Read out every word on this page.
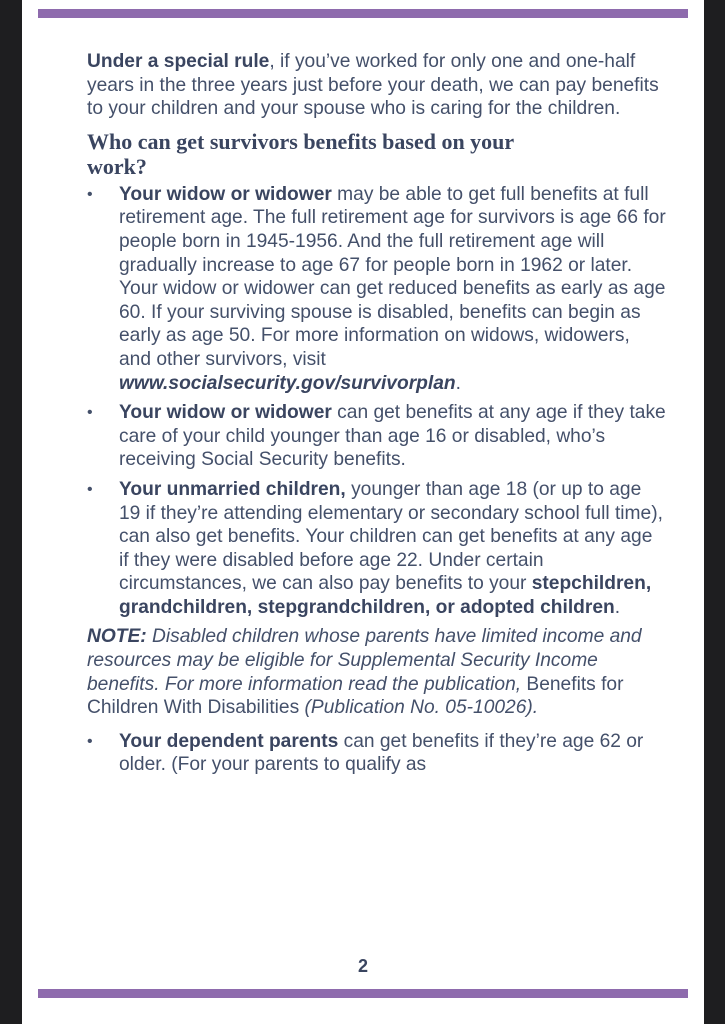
Under a special rule, if you’ve worked for only one and one-half years in the three years just before your death, we can pay benefits to your children and your spouse who is caring for the children.

Who can get survivors benefits based on your work?
• Your widow or widower may be able to get full benefits at full retirement age. The full retirement age for survivors is age 66 for people born in 1945-1956. And the full retirement age will gradually increase to age 67 for people born in 1962 or later. Your widow or widower can get reduced benefits as early as age 60. If your surviving spouse is disabled, benefits can begin as early as age 50. For more information on widows, widowers, and other survivors, visit www.socialsecurity.gov/survivorplan.
• Your widow or widower can get benefits at any age if they take care of your child younger than age 16 or disabled, who’s receiving Social Security benefits.
• Your unmarried children, younger than age 18 (or up to age 19 if they’re attending elementary or secondary school full time), can also get benefits. Your children can get benefits at any age if they were disabled before age 22. Under certain circumstances, we can also pay benefits to your stepchildren, grandchildren, stepgrandchildren, or adopted children.

NOTE: Disabled children whose parents have limited income and resources may be eligible for Supplemental Security Income benefits. For more information read the publication, Benefits for Children With Disabilities (Publication No. 05-10026).

• Your dependent parents can get benefits if they’re age 62 or older. (For your parents to qualify as
2
